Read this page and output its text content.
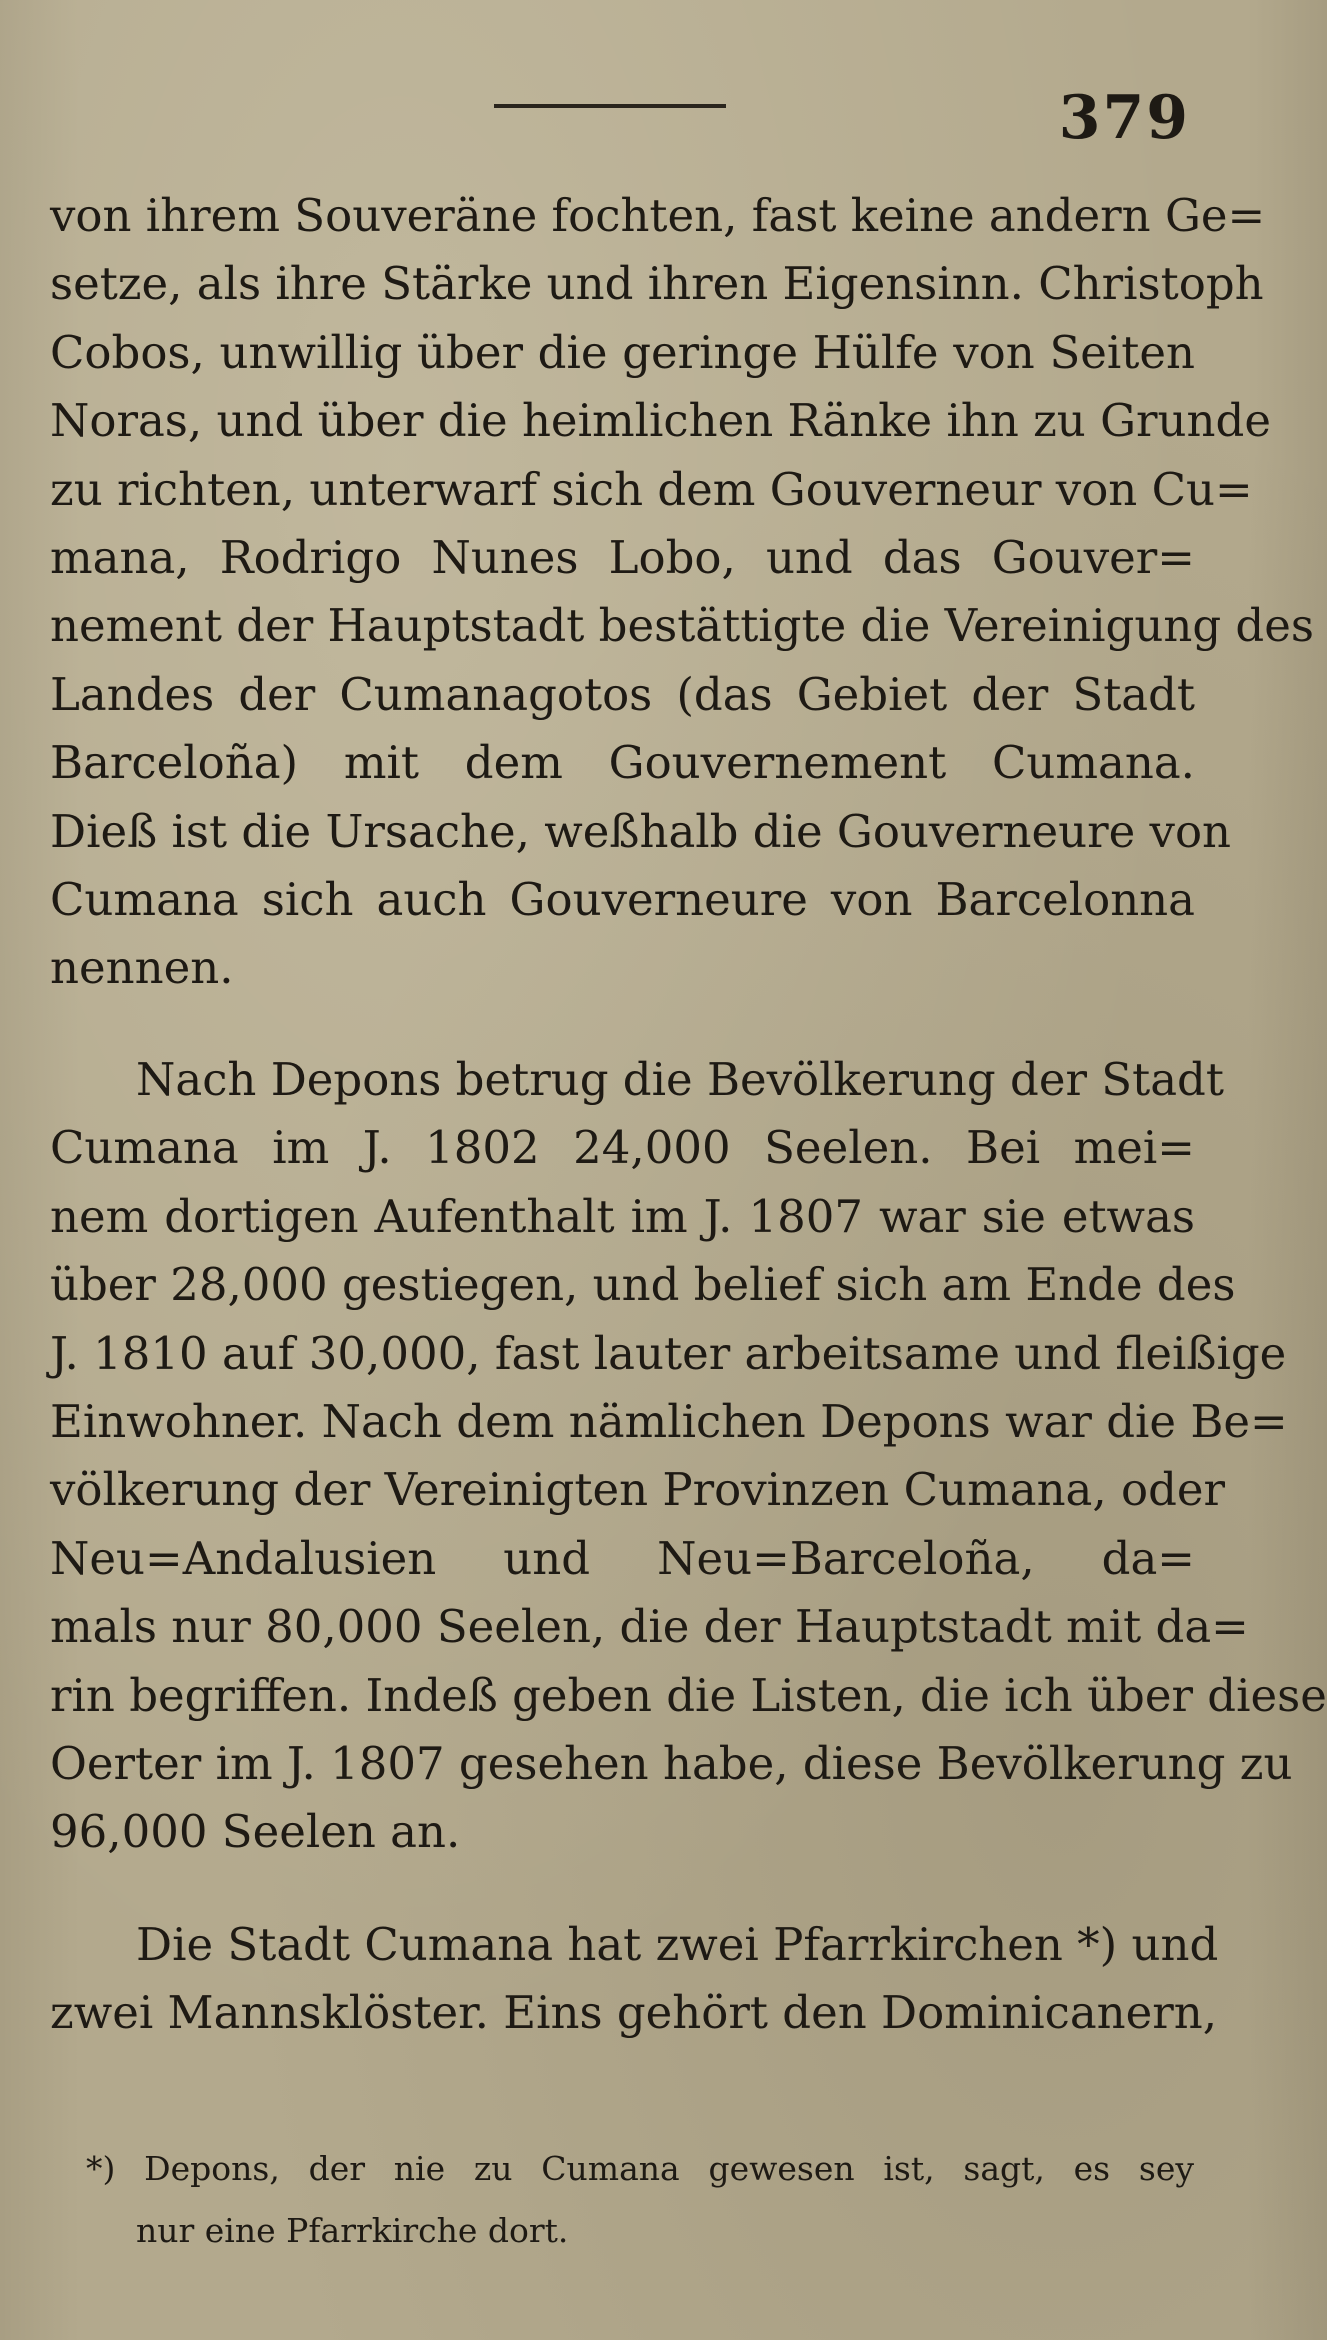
379
von ihrem Souveräne fochten, fast keine andern Ge=
setze, als ihre Stärke und ihren Eigensinn. Christoph
Cobos, unwillig über die geringe Hülfe von Seiten
Noras, und über die heimlichen Ränke ihn zu Grunde
zu richten, unterwarf sich dem Gouverneur von Cu=
mana, Rodrigo Nunes Lobo, und das Gouver=
nement der Hauptstadt bestättigte die Vereinigung des
Landes der Cumanagotos (das Gebiet der Stadt
Barceloña) mit dem Gouvernement Cumana.
Dieß ist die Ursache, weßhalb die Gouverneure von
Cumana sich auch Gouverneure von Barcelonna
nennen.
Nach Depons betrug die Bevölkerung der Stadt
Cumana im J. 1802 24,000 Seelen. Bei mei=
nem dortigen Aufenthalt im J. 1807 war sie etwas
über 28,000 gestiegen, und belief sich am Ende des
J. 1810 auf 30,000, fast lauter arbeitsame und fleißige
Einwohner. Nach dem nämlichen Depons war die Be=
völkerung der Vereinigten Provinzen Cumana, oder
Neu=Andalusien und Neu=Barceloña, da=
mals nur 80,000 Seelen, die der Hauptstadt mit da=
rin begriffen. Indeß geben die Listen, die ich über diese
Oerter im J. 1807 gesehen habe, diese Bevölkerung zu
96,000 Seelen an.
Die Stadt Cumana hat zwei Pfarrkirchen *) und
zwei Mannsklöster. Eins gehört den Dominicanern,
*) Depons, der nie zu Cumana gewesen ist, sagt, es sey
nur eine Pfarrkirche dort.
